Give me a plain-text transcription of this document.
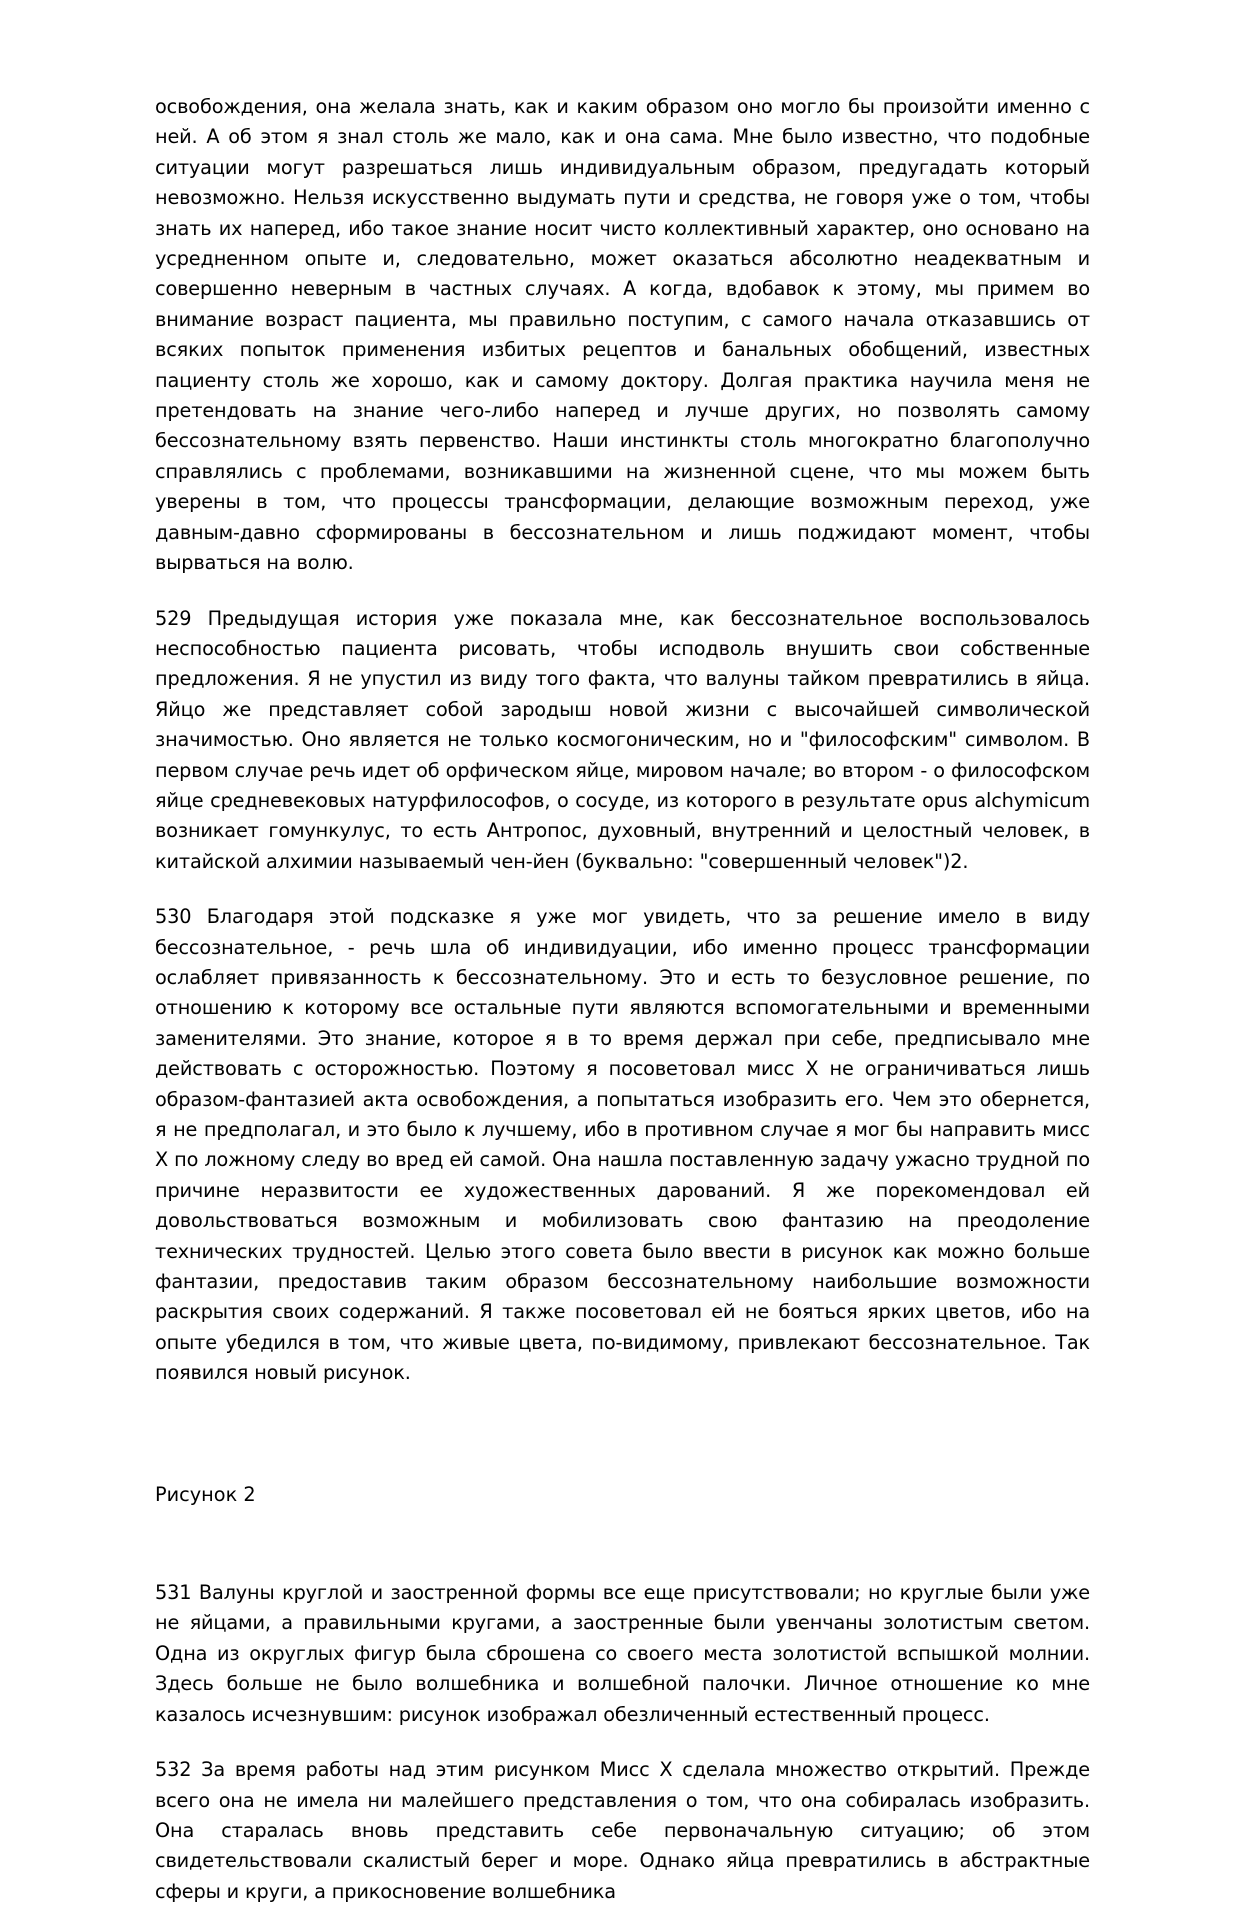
освобождения, она желала знать, как и каким образом оно могло бы произойти именно с ней. А об этом я знал столь же мало, как и она сама. Мне было известно, что подобные ситуации могут разрешаться лишь индивидуальным образом, предугадать который невозможно. Нельзя искусственно выдумать пути и средства, не говоря уже о том, чтобы знать их наперед, ибо такое знание носит чисто коллективный характер, оно основано на усредненном опыте и, следовательно, может оказаться абсолютно неадекватным и совершенно неверным в частных случаях. А когда, вдобавок к этому, мы примем во внимание возраст пациента, мы правильно поступим, с самого начала отказавшись от всяких попыток применения избитых рецептов и банальных обобщений, известных пациенту столь же хорошо, как и самому доктору. Долгая практика научила меня не претендовать на знание чего-либо наперед и лучше других, но позволять самому бессознательному взять первенство. Наши инстинкты столь многократно благополучно справлялись с проблемами, возникавшими на жизненной сцене, что мы можем быть уверены в том, что процессы трансформации, делающие возможным переход, уже давным-давно сформированы в бессознательном и лишь поджидают момент, чтобы вырваться на волю.

529 Предыдущая история уже показала мне, как бессознательное воспользовалось неспособностью пациента рисовать, чтобы исподволь внушить свои собственные предложения. Я не упустил из виду того факта, что валуны тайком превратились в яйца. Яйцо же представляет собой зародыш новой жизни с высочайшей символической значимостью. Оно является не только космогоническим, но и "философским" символом. В первом случае речь идет об орфическом яйце, мировом начале; во втором - о философском яйце средневековых натурфилософов, о сосуде, из которого в результате opus alchymicum возникает гомункулус, то есть Антропос, духовный, внутренний и целостный человек, в китайской алхимии называемый чен-йен (буквально: "совершенный человек")2.

530 Благодаря этой подсказке я уже мог увидеть, что за решение имело в виду бессознательное, - речь шла об индивидуации, ибо именно процесс трансформации ослабляет привязанность к бессознательному. Это и есть то безусловное решение, по отношению к которому все остальные пути являются вспомогательными и временными заменителями. Это знание, которое я в то время держал при себе, предписывало мне действовать с осторожностью. Поэтому я посоветовал мисс X не ограничиваться лишь образом-фантазией акта освобождения, а попытаться изобразить его. Чем это обернется, я не предполагал, и это было к лучшему, ибо в противном случае я мог бы направить мисс X по ложному следу во вред ей самой. Она нашла поставленную задачу ужасно трудной по причине неразвитости ее художественных дарований. Я же порекомендовал ей довольствоваться возможным и мобилизовать свою фантазию на преодоление технических трудностей. Целью этого совета было ввести в рисунок как можно больше фантазии, предоставив таким образом бессознательному наибольшие возможности раскрытия своих содержаний. Я также посоветовал ей не бояться ярких цветов, ибо на опыте убедился в том, что живые цвета, по-видимому, привлекают бессознательное. Так появился новый рисунок.

Рисунок 2

531 Валуны круглой и заостренной формы все еще присутствовали; но круглые были уже не яйцами, а правильными кругами, а заостренные были увенчаны золотистым светом. Одна из округлых фигур была сброшена со своего места золотистой вспышкой молнии. Здесь больше не было волшебника и волшебной палочки. Личное отношение ко мне казалось исчезнувшим: рисунок изображал обезличенный естественный процесс.

532 За время работы над этим рисунком Мисс X сделала множество открытий. Прежде всего она не имела ни малейшего представления о том, что она собиралась изобразить. Она старалась вновь представить себе первоначальную ситуацию; об этом свидетельствовали скалистый берег и море. Однако яйца превратились в абстрактные сферы и круги, а прикосновение волшебника
